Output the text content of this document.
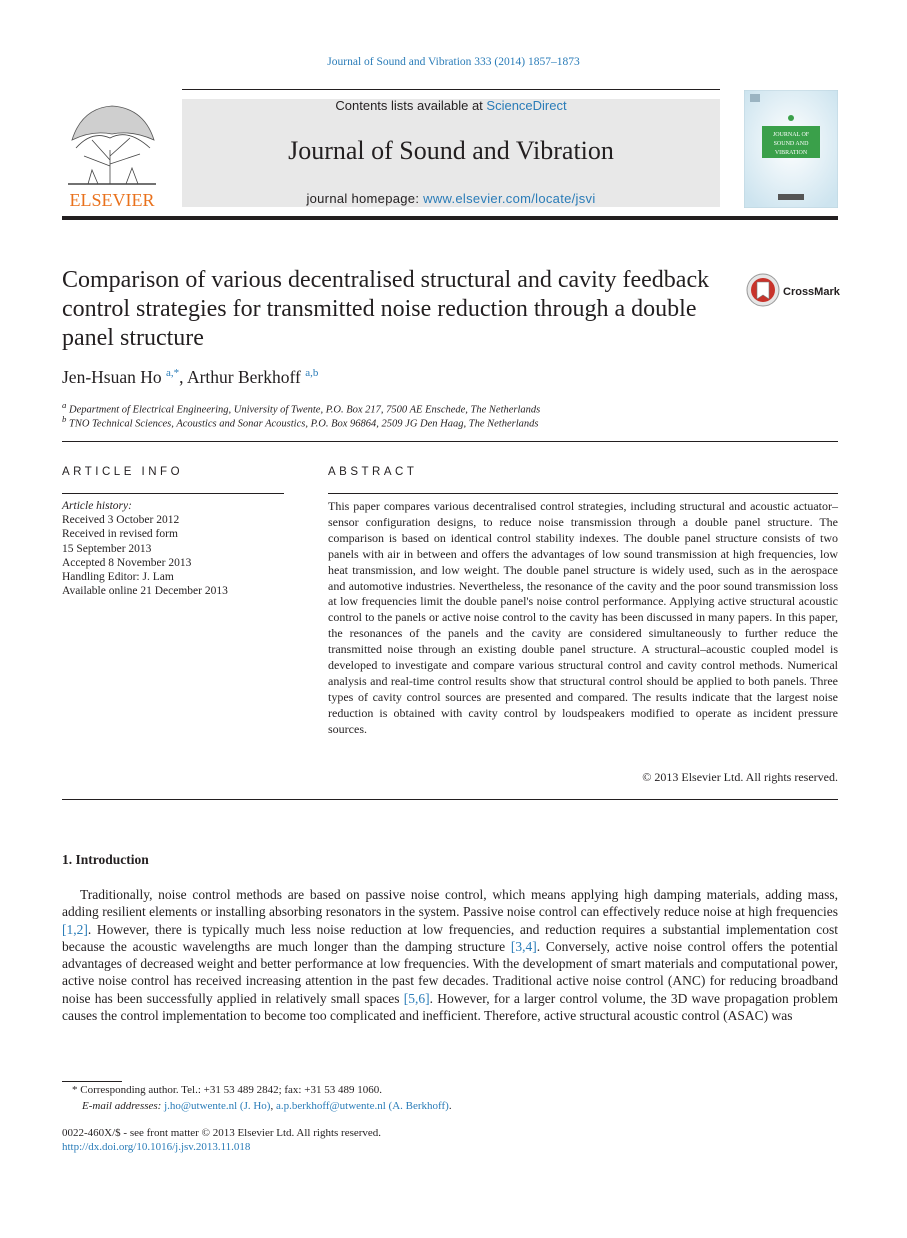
Journal of Sound and Vibration 333 (2014) 1857–1873
ELSEVIER
Contents lists available at ScienceDirect
Journal of Sound and Vibration
journal homepage: www.elsevier.com/locate/jsvi
JOURNAL OF
SOUND AND
VIBRATION
Comparison of various decentralised structural and cavity feedback control strategies for transmitted noise reduction through a double panel structure
CrossMark
Jen-Hsuan Ho $^{a,*}$, Arthur Berkhoff $^{a,b}$
$^a$ Department of Electrical Engineering, University of Twente, P.O. Box 217, 7500 AE Enschede, The Netherlands
$^b$ TNO Technical Sciences, Acoustics and Sonar Acoustics, P.O. Box 96864, 2509 JG Den Haag, The Netherlands
ARTICLE INFO
Article history:
Received 3 October 2012
Received in revised form
15 September 2013
Accepted 8 November 2013
Handling Editor: J. Lam
Available online 21 December 2013
ABSTRACT
This paper compares various decentralised control strategies, including structural and acoustic actuator–sensor configuration designs, to reduce noise transmission through a double panel structure. The comparison is based on identical control stability indexes. The double panel structure consists of two panels with air in between and offers the advantages of low sound transmission at high frequencies, low heat transmission, and low weight. The double panel structure is widely used, such as in the aerospace and automotive industries. Nevertheless, the resonance of the cavity and the poor sound transmission loss at low frequencies limit the double panel's noise control performance. Applying active structural acoustic control to the panels or active noise control to the cavity has been discussed in many papers. In this paper, the resonances of the panels and the cavity are considered simultaneously to further reduce the transmitted noise through an existing double panel structure. A structural–acoustic coupled model is developed to investigate and compare various structural control and cavity control methods. Numerical analysis and real-time control results show that structural control should be applied to both panels. Three types of cavity control sources are presented and compared. The results indicate that the largest noise reduction is obtained with cavity control by loudspeakers modified to operate as incident pressure sources.
© 2013 Elsevier Ltd. All rights reserved.
1. Introduction

Traditionally, noise control methods are based on passive noise control, which means applying high damping materials, adding mass, adding resilient elements or installing absorbing resonators in the system. Passive noise control can effectively reduce noise at high frequencies [1,2]. However, there is typically much less noise reduction at low frequencies, and reduction requires a substantial implementation cost because the acoustic wavelengths are much longer than the damping structure [3,4]. Conversely, active noise control offers the potential advantages of decreased weight and better performance at low frequencies. With the development of smart materials and computational power, active noise control has received increasing attention in the past few decades. Traditional active noise control (ANC) for reducing broadband noise has been successfully applied in relatively small spaces [5,6]. However, for a larger control volume, the 3D wave propagation problem causes the control implementation to become too complicated and inefficient. Therefore, active structural acoustic control (ASAC) was

* Corresponding author. Tel.: +31 53 489 2842; fax: +31 53 489 1060.
E-mail addresses: j.ho@utwente.nl (J. Ho), a.p.berkhoff@utwente.nl (A. Berkhoff).
0022-460X/$ - see front matter © 2013 Elsevier Ltd. All rights reserved.
http://dx.doi.org/10.1016/j.jsv.2013.11.018
